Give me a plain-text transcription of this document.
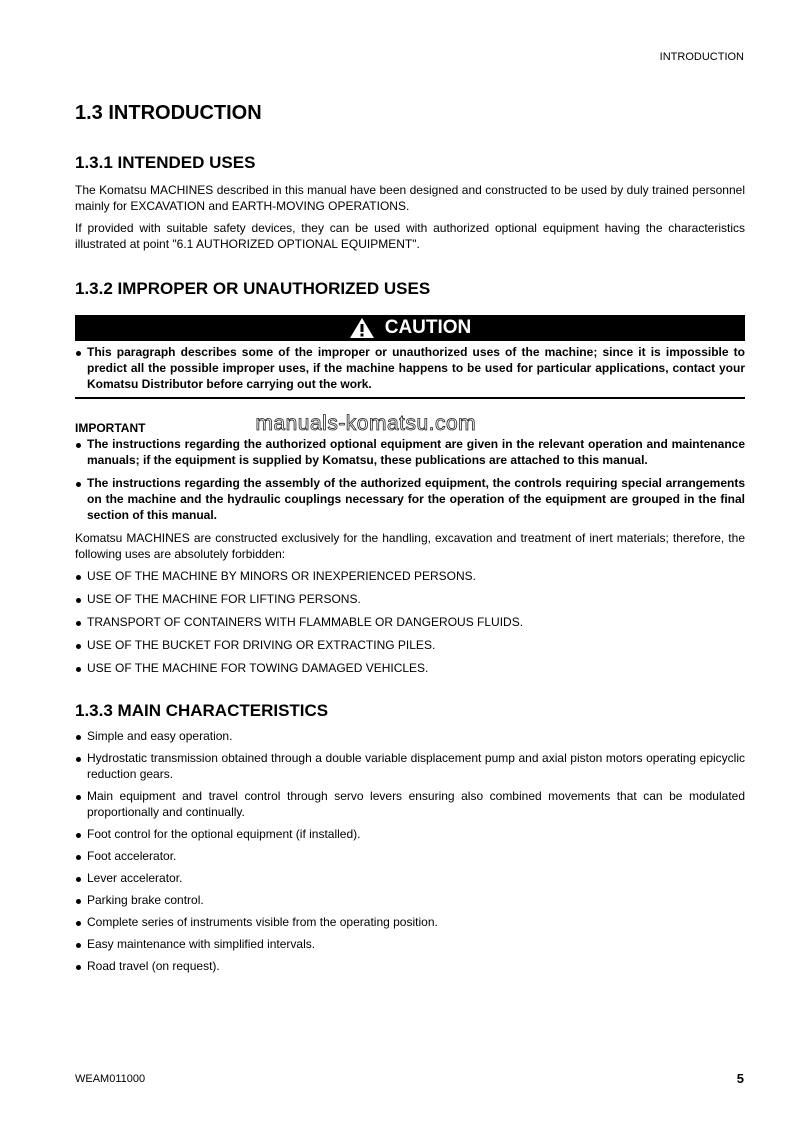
INTRODUCTION
1.3 INTRODUCTION
1.3.1 INTENDED USES
The Komatsu MACHINES described in this manual have been designed and constructed to be used by duly trained personnel mainly for EXCAVATION and EARTH-MOVING OPERATIONS.
If provided with suitable safety devices, they can be used with authorized optional equipment having the characteristics illustrated at point "6.1 AUTHORIZED OPTIONAL EQUIPMENT".
1.3.2 IMPROPER OR UNAUTHORIZED USES
CAUTION
This paragraph describes some of the improper or unauthorized uses of the machine; since it is impossible to predict all the possible improper uses, if the machine happens to be used for particular applications, contact your Komatsu Distributor before carrying out the work.
IMPORTANT	manuals-komatsu.com
The instructions regarding the authorized optional equipment are given in the relevant operation and maintenance manuals; if the equipment is supplied by Komatsu, these publications are attached to this manual.
The instructions regarding the assembly of the authorized equipment, the controls requiring special arrangements on the machine and the hydraulic couplings necessary for the operation of the equipment are grouped in the final section of this manual.
Komatsu MACHINES are constructed exclusively for the handling, excavation and treatment of inert materials; therefore, the following uses are absolutely forbidden:
USE OF THE MACHINE BY MINORS OR INEXPERIENCED PERSONS.
USE OF THE MACHINE FOR LIFTING PERSONS.
TRANSPORT OF CONTAINERS WITH FLAMMABLE OR DANGEROUS FLUIDS.
USE OF THE BUCKET FOR DRIVING OR EXTRACTING PILES.
USE OF THE MACHINE FOR TOWING DAMAGED VEHICLES.
1.3.3 MAIN CHARACTERISTICS
Simple and easy operation.
Hydrostatic transmission obtained through a double variable displacement pump and axial piston motors operating epicyclic reduction gears.
Main equipment and travel control through servo levers ensuring also combined movements that can be modulated proportionally and continually.
Foot control for the optional equipment (if installed).
Foot accelerator.
Lever accelerator.
Parking brake control.
Complete series of instruments visible from the operating position.
Easy maintenance with simplified intervals.
Road travel (on request).
WEAM011000	5
